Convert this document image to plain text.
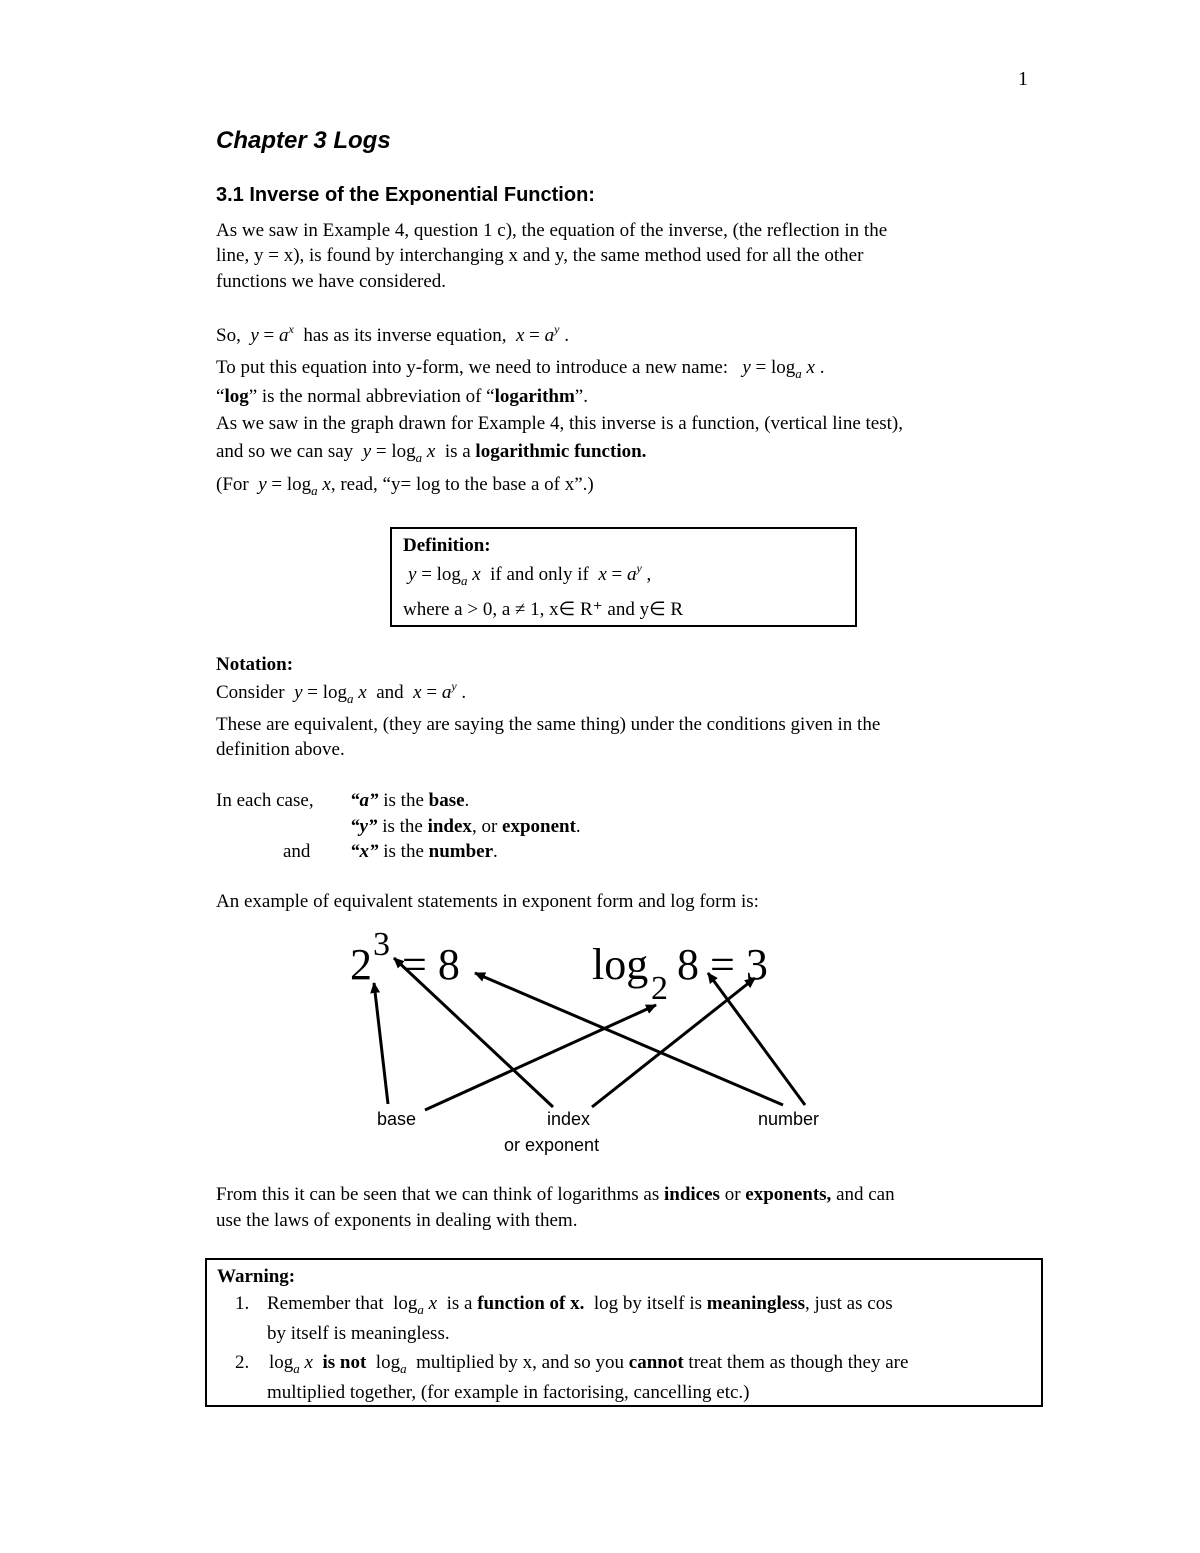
1
Chapter 3 Logs
3.1 Inverse of the Exponential Function:
As we saw in Example 4, question 1 c), the equation of the inverse, (the reflection in the
line, y = x), is found by interchanging x and y, the same method used for all the other
functions we have considered.
So, $y = a^x$ has as its inverse equation, $x = a^y$ .
To put this equation into y-form, we need to introduce a new name: $y = \log_a x$ .
“log” is the normal abbreviation of “logarithm”.
As we saw in the graph drawn for Example 4, this inverse is a function, (vertical line test),
and so we can say $y = \log_a x$ is a logarithmic function.
(For $y = \log_a x$, read, “y= log to the base a of x”.)
Definition:
$y = \log_a x$ if and only if $x = a^y$ ,
where a > 0, a ≠ 1, x∈ R⁺ and y∈ R
Notation:
Consider $y = \log_a x$ and $x = a^y$ .
These are equivalent, (they are saying the same thing) under the conditions given in the
definition above.
In each case, “a” is the base.
“y” is the index, or exponent.
and “x” is the number.
An example of equivalent statements in exponent form and log form is:
2 3 = 8	log 2 8 = 3
base	index
or exponent
number
From this it can be seen that we can think of logarithms as indices or exponents, and can
use the laws of exponents in dealing with them.
Warning:
1. Remember that  $\log_a x$ is a function of x. log by itself is meaningless, just as cos
by itself is meaningless.
2. $\log_a x$ is not  $\log_a$ multiplied by x, and so you cannot treat them as though they are
multiplied together, (for example in factorising, cancelling etc.)
